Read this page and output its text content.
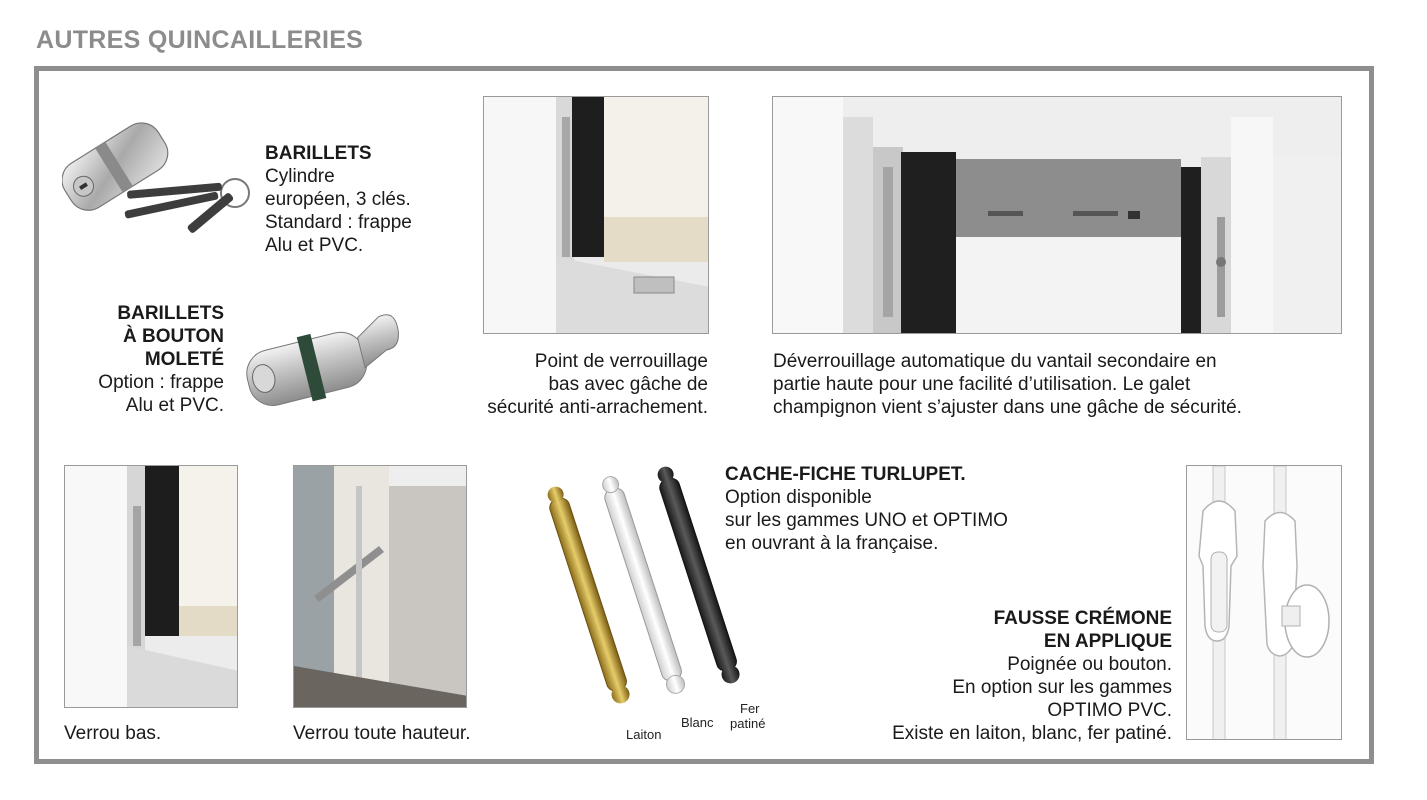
AUTRES QUINCAILLERIES
BARILLETS
Cylindre
européen, 3 clés.
Standard : frappe
Alu et PVC.
BARILLETS
À BOUTON
MOLETÉ
Option : frappe
Alu et PVC.
Point de verrouillage
bas avec gâche de
sécurité anti-arrachement.
Déverrouillage automatique du vantail secondaire en
partie haute pour une facilité d’utilisation. Le galet
champignon vient s’ajuster dans une gâche de sécurité.
Verrou bas.	Verrou toute hauteur.	Laiton
Blanc
Fer
patiné
CACHE-FICHE TURLUPET.
Option disponible
sur les gammes UNO et OPTIMO
en ouvrant à la française.
FAUSSE CRÉMONE
EN APPLIQUE
Poignée ou bouton.
En option sur les gammes
OPTIMO PVC.
Existe en laiton, blanc, fer patiné.
